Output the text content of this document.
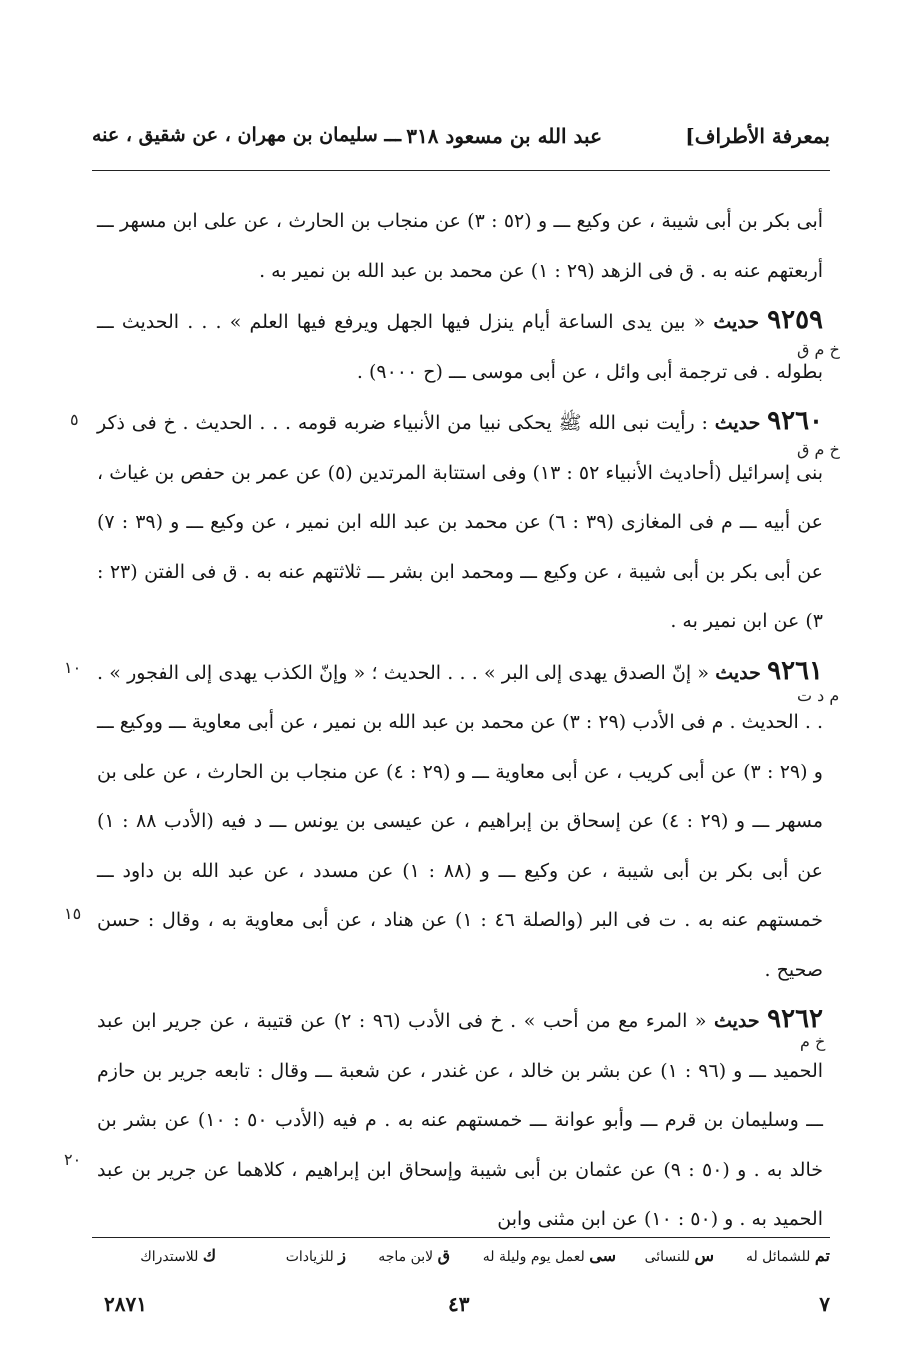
بمعرفة الأطراف]
عبد الله بن مسعود ٣١٨
ـــ سليمان بن مهران ، عن شقيق ، عنه

أبى بكر بن أبى شيبة ، عن وكيع ـــ و (٥٢ : ٣) عن منجاب بن الحارث ، عن على ابن مسهر ـــ أربعتهم عنه به . ق فى الزهد (٢٩ : ١) عن محمد بن عبد الله بن نمير به .

٩٢٥٩ حديث « بين يدى الساعة أيام ينزل فيها الجهل ويرفع فيها العلم » . . . الحديث ـــ بطوله . فى ترجمة أبى وائل ، عن أبى موسى ـــ (ح ٩٠٠٠) .

٩٢٦٠ حديث : رأيت نبى الله ﷺ يحكى نبيا من الأنبياء ضربه قومه . . . الحديث . خ فى ذكر بنى إسرائيل (أحاديث الأنبياء ٥٢ : ١٣) وفى استتابة المرتدين (٥) عن عمر بن حفص بن غياث ، عن أبيه ـــ م فى المغازى (٣٩ : ٦) عن محمد بن عبد الله ابن نمير ، عن وكيع ـــ و (٣٩ : ٧) عن أبى بكر بن أبى شيبة ، عن وكيع ـــ ومحمد ابن بشر ـــ ثلاثتهم عنه به . ق فى الفتن (٢٣ : ٣) عن ابن نمير به .

٩٢٦١ حديث « إنّ الصدق يهدى إلى البر » . . . الحديث ؛ « وإنّ الكذب يهدى إلى الفجور » . . . الحديث . م فى الأدب (٢٩ : ٣) عن محمد بن عبد الله بن نمير ، عن أبى معاوية ـــ ووكيع ـــ و (٢٩ : ٣) عن أبى كريب ، عن أبى معاوية ـــ و (٢٩ : ٤) عن منجاب بن الحارث ، عن على بن مسهر ـــ و (٢٩ : ٤) عن إسحاق بن إبراهيم ، عن عيسى بن يونس ـــ د فيه (الأدب ٨٨ : ١) عن أبى بكر بن أبى شيبة ، عن وكيع ـــ و (٨٨ : ١) عن مسدد ، عن عبد الله بن داود ـــ خمستهم عنه به . ت فى البر (والصلة ٤٦ : ١) عن هناد ، عن أبى معاوية به ، وقال : حسن صحيح .

٩٢٦٢ حديث « المرء مع من أحب » . خ فى الأدب (٩٦ : ٢) عن قتيبة ، عن جرير ابن عبد الحميد ـــ و (٩٦ : ١) عن بشر بن خالد ، عن غندر ، عن شعبة ـــ وقال : تابعه جرير بن حازم ـــ وسليمان بن قرم ـــ وأبو عوانة ـــ خمستهم عنه به . م فيه (الأدب ٥٠ : ١٠) عن بشر بن خالد به . و (٥٠ : ٩) عن عثمان بن أبى شيبة وإسحاق ابن إبراهيم ، كلاهما عن جرير بن عبد الحميد به . و (٥٠ : ١٠) عن ابن مثنى وابن

خ م ق
خ م ق
م د ت
خ م
٥
١٠
١٥
٢٠
تم للشمائل له
س للنسائى
سى لعمل يوم وليلة له
ق لابن ماجه
ز للزيادات
ك للاستدراك
٧
٤٣
٢٨٧١
